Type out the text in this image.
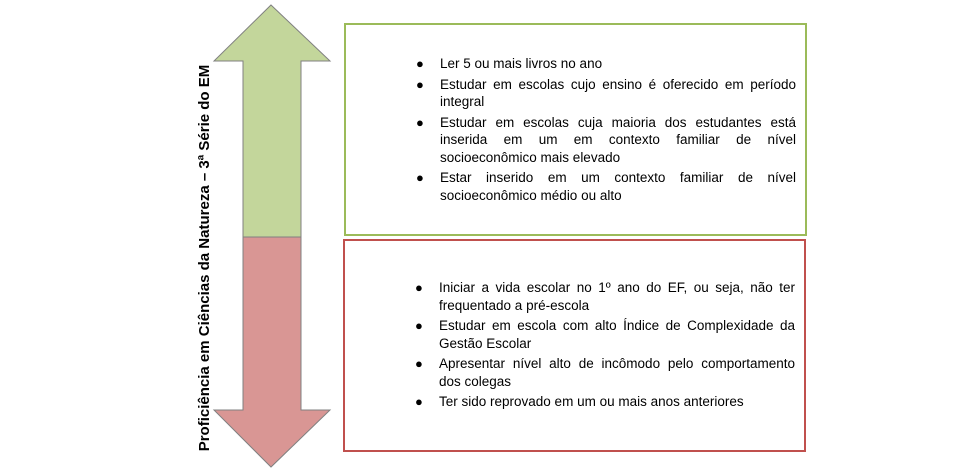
Proficiência em Ciências da Natureza – 3ª Série do EM
● Ler 5 ou mais livros no ano
● Estudar em escolas cujo ensino é oferecido em período integral
● Estudar em escolas cuja maioria dos estudantes está inserida em um em contexto familiar de nível socioeconômico mais elevado
● Estar inserido em um contexto familiar de nível socioeconômico médio ou alto
● Iniciar a vida escolar no 1º ano do EF, ou seja, não ter frequentado a pré-escola
● Estudar em escola com alto Índice de Complexidade da Gestão Escolar
● Apresentar nível alto de incômodo pelo comportamento dos colegas
● Ter sido reprovado em um ou mais anos anteriores
